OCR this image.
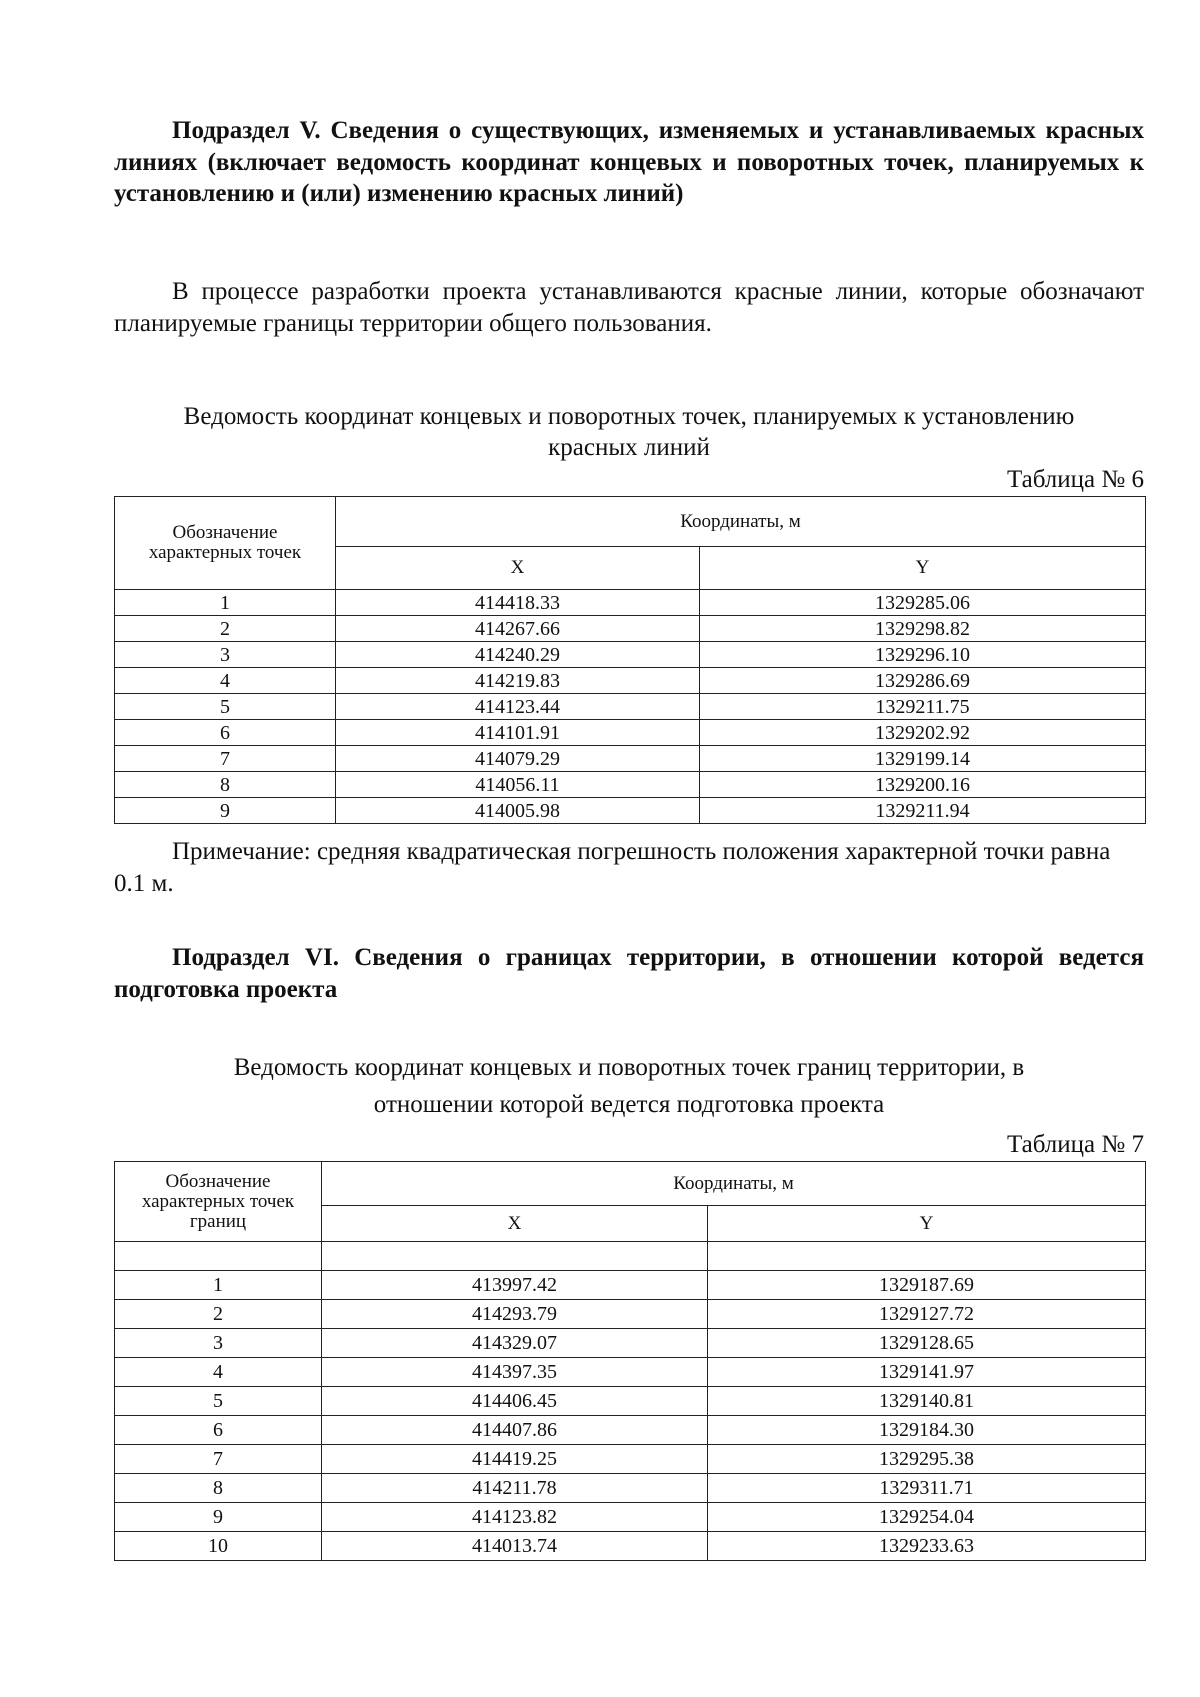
Подраздел V. Сведения о существующих, изменяемых и устанавливаемых красных линиях (включает ведомость координат концевых и поворотных точек, планируемых к установлению и (или) изменению красных линий)

В процессе разработки проекта устанавливаются красные линии, которые обозначают планируемые границы территории общего пользования.

Ведомость координат концевых и поворотных точек, планируемых к установлению

красных линий

Таблица № 6
Обозначение характерных точек	Координаты, м	
	X	Y
1	414418.33	1329285.06
2	414267.66	1329298.82
3	414240.29	1329296.10
4	414219.83	1329286.69
5	414123.44	1329211.75
6	414101.91	1329202.92
7	414079.29	1329199.14
8	414056.11	1329200.16
9	414005.98	1329211.94

Примечание: средняя квадратическая погрешность положения характерной точки равна 0.1 м.

Подраздел VI. Сведения о границах территории, в отношении которой ведется подготовка проекта

Ведомость координат концевых и поворотных точек границ территории, в

отношении которой ведется подготовка проекта

Таблица № 7
Обозначение характерных точек границ	Координаты, м	
	X	Y

1	413997.42	1329187.69
2	414293.79	1329127.72
3	414329.07	1329128.65
4	414397.35	1329141.97
5	414406.45	1329140.81
6	414407.86	1329184.30
7	414419.25	1329295.38
8	414211.78	1329311.71
9	414123.82	1329254.04
10	414013.74	1329233.63
